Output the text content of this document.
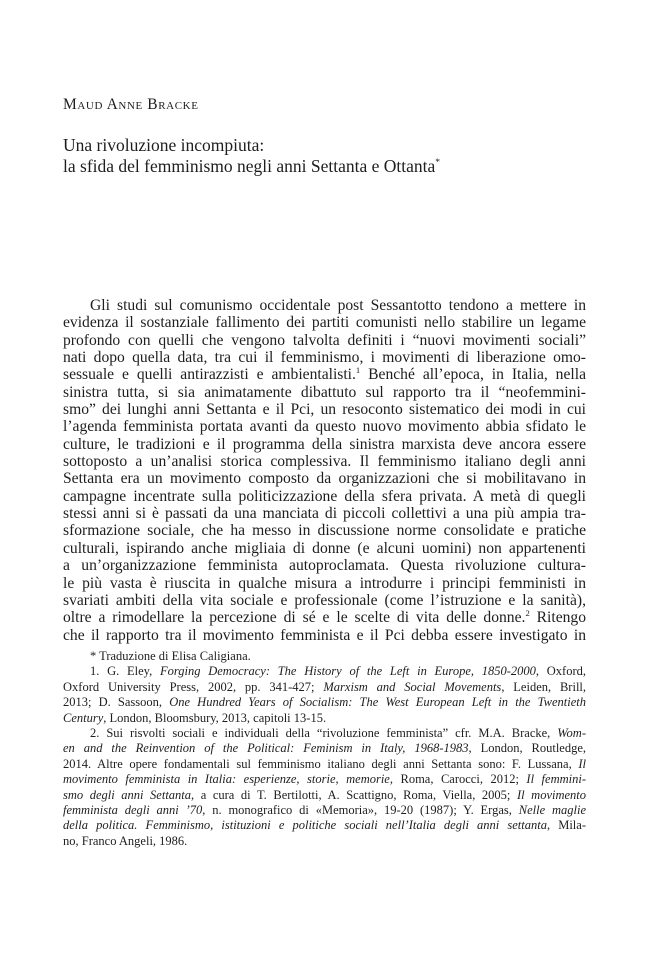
Maud Anne Bracke
Una rivoluzione incompiuta:
la sfida del femminismo negli anni Settanta e Ottanta*
Gli studi sul comunismo occidentale post Sessantotto tendono a mettere in
evidenza il sostanziale fallimento dei partiti comunisti nello stabilire un legame
profondo con quelli che vengono talvolta definiti i “nuovi movimenti sociali”
nati dopo quella data, tra cui il femminismo, i movimenti di liberazione omo-
sessuale e quelli antirazzisti e ambientalisti.$^1$ Benché all’epoca, in Italia, nella
sinistra tutta, si sia animatamente dibattuto sul rapporto tra il “neofemmini-
smo” dei lunghi anni Settanta e il Pci, un resoconto sistematico dei modi in cui
l’agenda femminista portata avanti da questo nuovo movimento abbia sfidato le
culture, le tradizioni e il programma della sinistra marxista deve ancora essere
sottoposto a un’analisi storica complessiva. Il femminismo italiano degli anni
Settanta era un movimento composto da organizzazioni che si mobilitavano in
campagne incentrate sulla politicizzazione della sfera privata. A metà di quegli
stessi anni si è passati da una manciata di piccoli collettivi a una più ampia tra-
sformazione sociale, che ha messo in discussione norme consolidate e pratiche
culturali, ispirando anche migliaia di donne (e alcuni uomini) non appartenenti
a un’organizzazione femminista autoproclamata. Questa rivoluzione cultura-
le più vasta è riuscita in qualche misura a introdurre i principi femministi in
svariati ambiti della vita sociale e professionale (come l’istruzione e la sanità),
oltre a rimodellare la percezione di sé e le scelte di vita delle donne.$^2$ Ritengo
che il rapporto tra il movimento femminista e il Pci debba essere investigato in
* Traduzione di Elisa Caligiana.
1. G. Eley, Forging Democracy: The History of the Left in Europe, 1850-2000, Oxford,
Oxford University Press, 2002, pp. 341-427; Marxism and Social Movements, Leiden, Brill,
2013; D. Sassoon, One Hundred Years of Socialism: The West European Left in the Twentieth
Century, London, Bloomsbury, 2013, capitoli 13-15.
2. Sui risvolti sociali e individuali della “rivoluzione femminista” cfr. M.A. Bracke, Wom-
en and the Reinvention of the Political: Feminism in Italy, 1968-1983, London, Routledge,
2014. Altre opere fondamentali sul femminismo italiano degli anni Settanta sono: F. Lussana, Il
movimento femminista in Italia: esperienze, storie, memorie, Roma, Carocci, 2012; Il femmini-
smo degli anni Settanta, a cura di T. Bertilotti, A. Scattigno, Roma, Viella, 2005; Il movimento
femminista degli anni ’70, n. monografico di «Memoria», 19-20 (1987); Y. Ergas, Nelle maglie
della politica. Femminismo, istituzioni e politiche sociali nell’Italia degli anni settanta, Mila-
no, Franco Angeli, 1986.
